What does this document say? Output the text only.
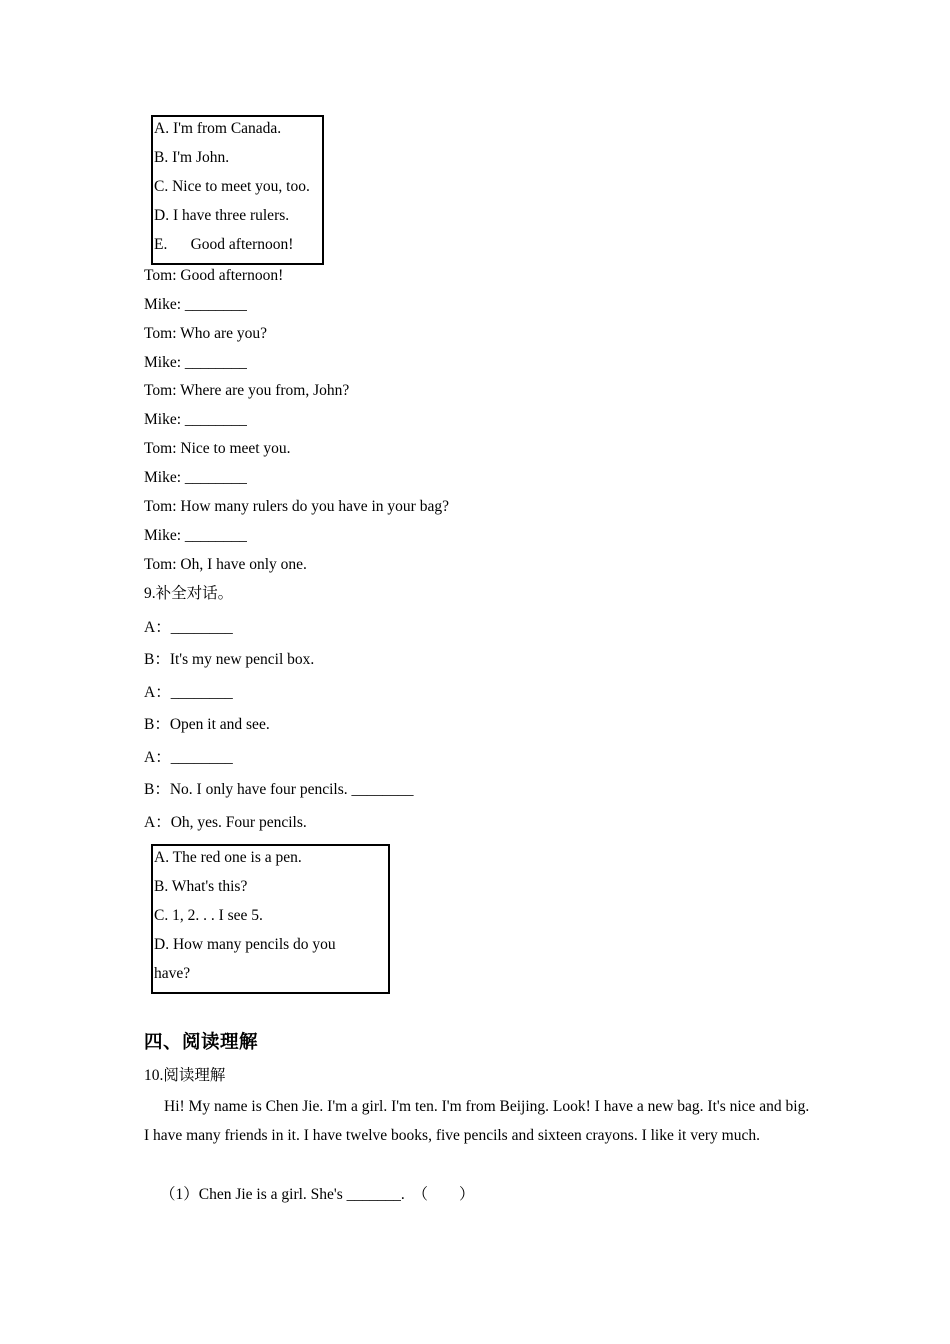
A. I'm from Canada.
B. I'm John.
C. Nice to meet you, too.
D. I have three rulers.
E.      Good afternoon!
Tom: Good afternoon!
Mike: ________
Tom: Who are you?
Mike: ________
Tom: Where are you from, John?
Mike: ________
Tom: Nice to meet you.
Mike: ________
Tom: How many rulers do you have in your bag?
Mike: ________
Tom: Oh, I have only one.
9.补全对话。
A：________
B：It's my new pencil box.
A：________
B：Open it and see.
A：________
B：No. I only have four pencils. ________
A：Oh, yes. Four pencils.
A. The red one is a pen.
B. What's this?
C. 1, 2. . . I see 5.
D. How many pencils do you
have?
四、阅读理解
10.阅读理解
Hi! My name is Chen Jie. I'm a girl. I'm ten. I'm from Beijing. Look! I have a new bag. It's nice and big. I have many friends in it. I have twelve books, five pencils and sixteen crayons. I like it very much.
（1）Chen Jie is a girl. She's _______.  （        ）
